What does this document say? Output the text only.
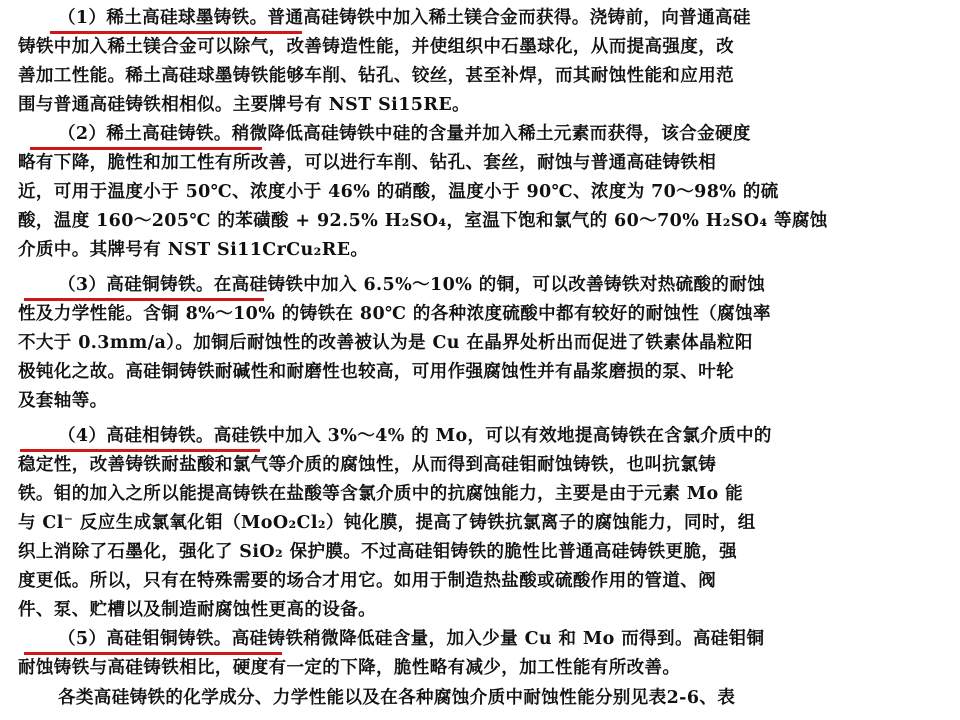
（1）稀土高硅球墨铸铁。普通高硅铸铁中加入稀土镁合金而获得。浇铸前，向普通高硅
铸铁中加入稀土镁合金可以除气，改善铸造性能，并使组织中石墨球化，从而提高强度，改
善加工性能。稀土高硅球墨铸铁能够车削、钻孔、铰丝，甚至补焊，而其耐蚀性能和应用范
围与普通高硅铸铁相相似。主要牌号有 NST Si15RE。
（2）稀土高硅铸铁。稍微降低高硅铸铁中硅的含量并加入稀土元素而获得，该合金硬度
略有下降，脆性和加工性有所改善，可以进行车削、钻孔、套丝，耐蚀与普通高硅铸铁相
近，可用于温度小于 50℃、浓度小于 46% 的硝酸，温度小于 90℃、浓度为 70～98% 的硫
酸，温度 160～205℃ 的苯磺酸 + 92.5% H₂SO₄，室温下饱和氯气的 60～70% H₂SO₄ 等腐蚀
介质中。其牌号有 NST Si11CrCu₂RE。
（3）高硅铜铸铁。在高硅铸铁中加入 6.5%～10% 的铜，可以改善铸铁对热硫酸的耐蚀
性及力学性能。含铜 8%～10% 的铸铁在 80℃ 的各种浓度硫酸中都有较好的耐蚀性（腐蚀率
不大于 0.3mm/a）。加铜后耐蚀性的改善被认为是 Cu 在晶界处析出而促进了铁素体晶粒阳
极钝化之故。高硅铜铸铁耐碱性和耐磨性也较高，可用作强腐蚀性并有晶浆磨损的泵、叶轮
及套轴等。
（4）高硅相铸铁。高硅铁中加入 3%～4% 的 Mo，可以有效地提高铸铁在含氯介质中的
稳定性，改善铸铁耐盐酸和氯气等介质的腐蚀性，从而得到高硅钼耐蚀铸铁，也叫抗氯铸
铁。钼的加入之所以能提高铸铁在盐酸等含氯介质中的抗腐蚀能力，主要是由于元素 Mo 能
与 Cl⁻ 反应生成氯氧化钼（MoO₂Cl₂）钝化膜，提高了铸铁抗氯离子的腐蚀能力，同时，组
织上消除了石墨化，强化了 SiO₂ 保护膜。不过高硅钼铸铁的脆性比普通高硅铸铁更脆，强
度更低。所以，只有在特殊需要的场合才用它。如用于制造热盐酸或硫酸作用的管道、阀
件、泵、贮槽以及制造耐腐蚀性更高的设备。
（5）高硅钼铜铸铁。高硅铸铁稍微降低硅含量，加入少量 Cu 和 Mo 而得到。高硅钼铜
耐蚀铸铁与高硅铸铁相比，硬度有一定的下降，脆性略有减少，加工性能有所改善。
各类高硅铸铁的化学成分、力学性能以及在各种腐蚀介质中耐蚀性能分别见表2-6、表
